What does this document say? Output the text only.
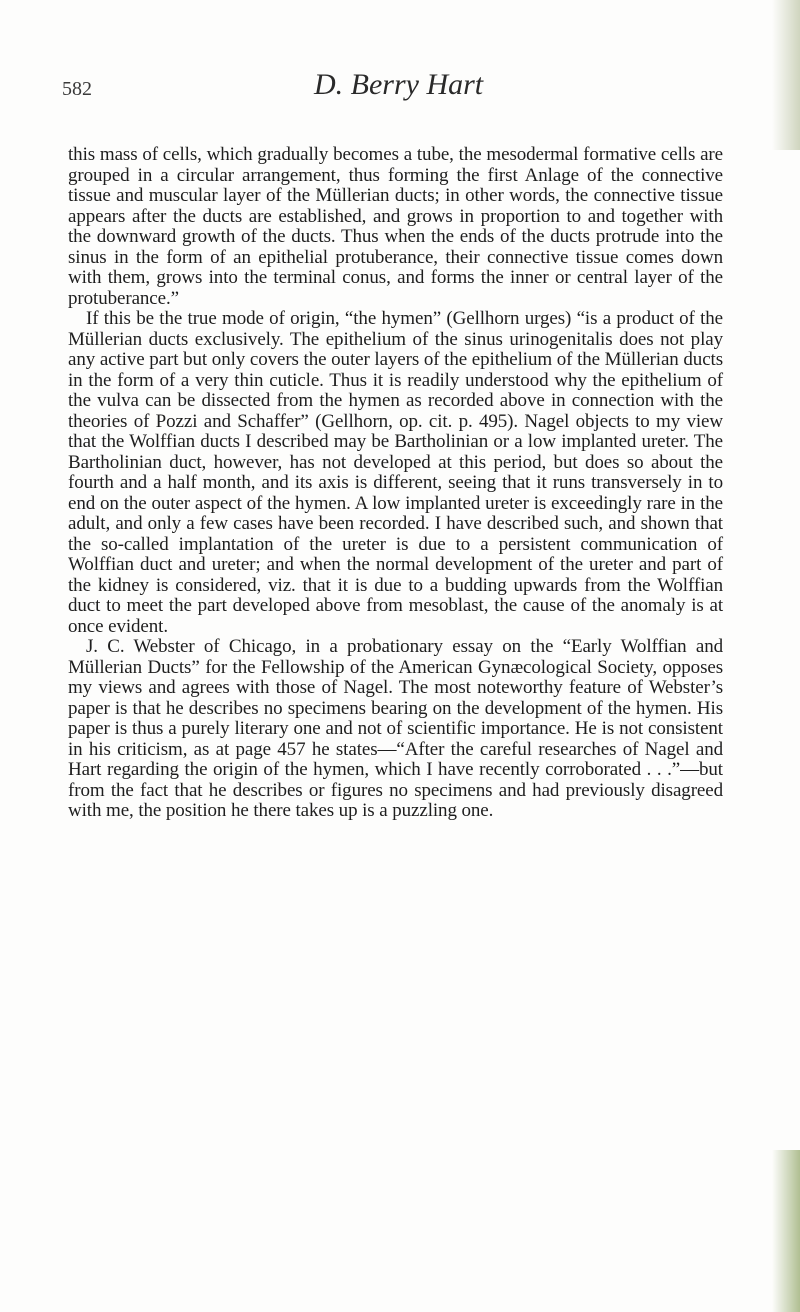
582	D. Berry Hart

this mass of cells, which gradually becomes a tube, the mesodermal formative cells are grouped in a circular arrangement, thus forming the first Anlage of the connective tissue and muscular layer of the Müllerian ducts; in other words, the connective tissue appears after the ducts are established, and grows in proportion to and together with the downward growth of the ducts. Thus when the ends of the ducts protrude into the sinus in the form of an epithelial protuberance, their connective tissue comes down with them, grows into the terminal conus, and forms the inner or central layer of the protuberance.”

If this be the true mode of origin, “the hymen” (Gellhorn urges) “is a product of the Müllerian ducts exclusively. The epithelium of the sinus urinogenitalis does not play any active part but only covers the outer layers of the epithelium of the Müllerian ducts in the form of a very thin cuticle. Thus it is readily understood why the epithelium of the vulva can be dissected from the hymen as recorded above in connection with the theories of Pozzi and Schaffer” (Gellhorn, op. cit. p. 495). Nagel objects to my view that the Wolffian ducts I described may be Bartholinian or a low implanted ureter. The Bartholinian duct, however, has not developed at this period, but does so about the fourth and a half month, and its axis is different, seeing that it runs transversely in to end on the outer aspect of the hymen. A low implanted ureter is exceedingly rare in the adult, and only a few cases have been recorded. I have described such, and shown that the so-called implantation of the ureter is due to a persistent communication of Wolffian duct and ureter; and when the normal development of the ureter and part of the kidney is considered, viz. that it is due to a budding upwards from the Wolffian duct to meet the part developed above from mesoblast, the cause of the anomaly is at once evident.

J. C. Webster of Chicago, in a probationary essay on the “Early Wolffian and Müllerian Ducts” for the Fellowship of the American Gynæcological Society, opposes my views and agrees with those of Nagel. The most noteworthy feature of Webster’s paper is that he describes no specimens bearing on the development of the hymen. His paper is thus a purely literary one and not of scientific importance. He is not consistent in his criticism, as at page 457 he states—“After the careful researches of Nagel and Hart regarding the origin of the hymen, which I have recently corroborated . . .”—but from the fact that he describes or figures no specimens and had previously disagreed with me, the position he there takes up is a puzzling one.
